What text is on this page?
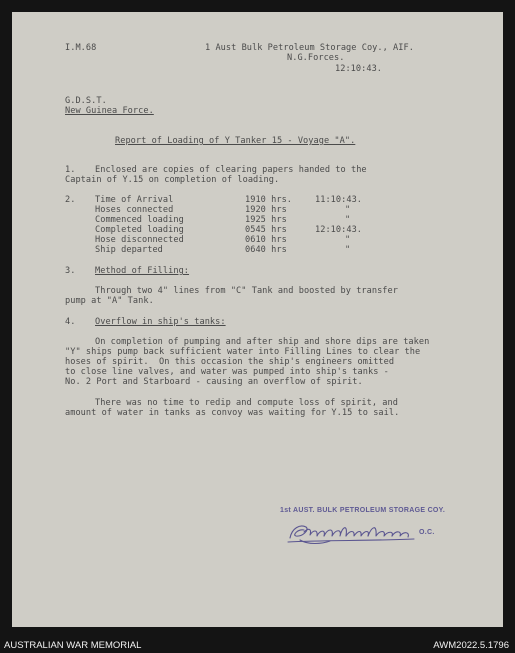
I.M.68	1 Aust Bulk Petroleum Storage Coy., AIF.
N.G.Forces.
12:10:43.
G.D.S.T.
New Guinea Force.
Report of Loading of Y Tanker 15 - Voyage "A".
1. Enclosed are copies of clearing papers handed to the
Captain of Y.15 on completion of loading.
2. Time of Arrival	1910 hrs.	11:10:43.
Hoses connected	1920 hrs	"
Commenced loading	1925 hrs	"
Completed loading	0545 hrs	12:10:43.
Hose disconnected	0610 hrs	"
Ship departed	0640 hrs	"
3. Method of Filling:
Through two 4" lines from "C" Tank and boosted by transfer
pump at "A" Tank.
4. Overflow in ship's tanks:
On completion of pumping and after ship and shore dips are taken
"Y" ships pump back sufficient water into Filling Lines to clear the
hoses of spirit.  On this occasion the ship's engineers omitted
to close line valves, and water was pumped into ship's tanks -
No. 2 Port and Starboard - causing an overflow of spirit.
There was no time to redip and compute loss of spirit, and
amount of water in tanks as convoy was waiting for Y.15 to sail.
1st AUST. BULK PETROLEUM STORAGE COY.
O.C.
AUSTRALIAN WAR MEMORIAL	AWM2022.5.1796
